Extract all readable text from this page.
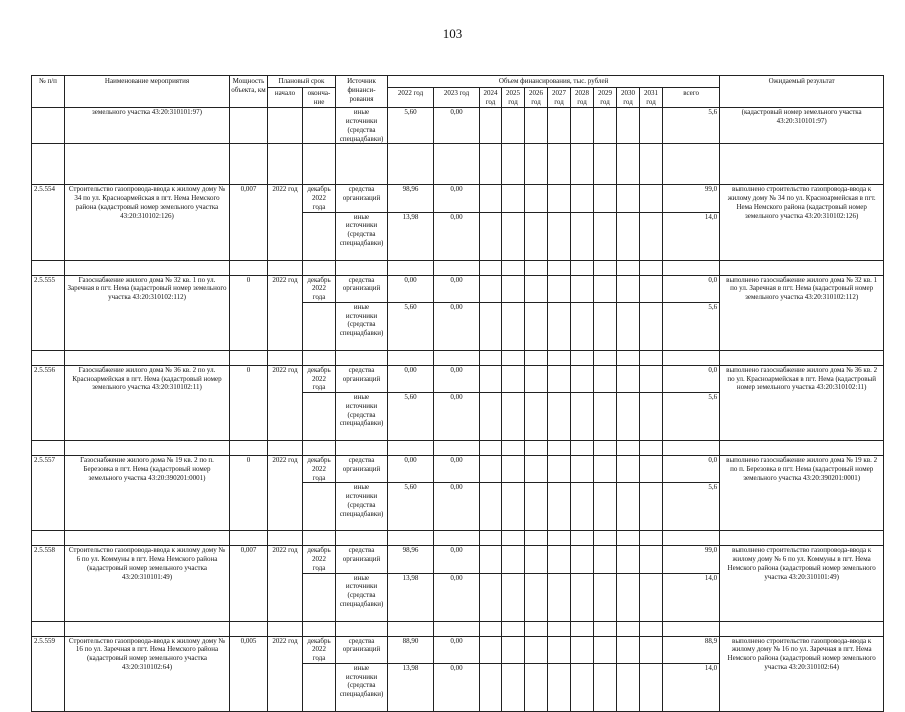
103
№ п/п	Наименование мероприятия	Мощность объекта, км	Плановый срок		Источник финанси-рования	Объем финансирования, тыс. рублей											Ожидаемый результат
			начало	оконча-ние		2022 год	2023 год	2024 год	2025 год	2026 год	2027 год	2028 год	2029 год	2030 год	2031 год	всего	
	земельного участка 43:20:310101:97)				иные источники (средства спецнадбавки)	5,60	0,00									5,6	(кадастровый номер земельного участка 43:20:310101:97)

2.5.554	Строительство газопровода-ввода к жилому дому № 34 по ул. Красноармейская в пгт. Нема Немского района (кадастровый номер земельного участка 43:20:310102:126)	0,007	2022 год	декабрь 2022 года	средства организаций	98,96	0,00									99,0	выполнено строительство газопровода-ввода к жилому дому № 34 по ул. Красноармейская в пгт. Нема Немского района (кадастровый номер земельного участка 43:20:310102:126)
					иные источники (средства спецнадбавки)	13,98	0,00									14,0	

2.5.555	Газоснабжение жилого дома № 32 кв. 1 по ул. Заречная в пгт. Нема (кадастровый номер земельного участка 43:20:310102:112)	0	2022 год	декабрь 2022 года	средства организаций	0,00	0,00									0,0	выполнено газоснабжение жилого дома № 32 кв. 1 по ул. Заречная в пгт. Нема (кадастровый номер земельного участка 43:20:310102:112)
					иные источники (средства спецнадбавки)	5,60	0,00									5,6	

2.5.556	Газоснабжение жилого дома № 36 кв. 2 по ул. Красноармейская в пгт. Нема (кадастровый номер земельного участка 43:20:310102:11)	0	2022 год	декабрь 2022 года	средства организаций	0,00	0,00									0,0	выполнено газоснабжение жилого дома № 36 кв. 2 по ул. Красноармейская в пгт. Нема (кадастровый номер земельного участка 43:20:310102:11)
					иные источники (средства спецнадбавки)	5,60	0,00									5,6	

2.5.557	Газоснабжение жилого дома № 19 кв. 2 по п. Березовка в пгт. Нема (кадастровый номер земельного участка 43:20:390201:0001)	0	2022 год	декабрь 2022 года	средства организаций	0,00	0,00									0,0	выполнено газоснабжение жилого дома № 19 кв. 2 по п. Березовка в пгт. Нема (кадастровый номер земельного участка 43:20:390201:0001)
					иные источники (средства спецнадбавки)	5,60	0,00									5,6	

2.5.558	Строительство газопровода-ввода к жилому дому № 6 по ул. Коммуны в пгт. Нема Немского района (кадастровый номер земельного участка 43:20:310101:49)	0,007	2022 год	декабрь 2022 года	средства организаций	98,96	0,00									99,0	выполнено строительство газопровода-ввода к жилому дому № 6 по ул. Коммуны в пгт. Нема Немского района (кадастровый номер земельного участка 43:20:310101:49)
					иные источники (средства спецнадбавки)	13,98	0,00									14,0	

2.5.559	Строительство газопровода-ввода к жилому дому № 16 по ул. Заречная в пгт. Нема Немского района (кадастровый номер земельного участка 43:20:310102:64)	0,005	2022 год	декабрь 2022 года	средства организаций	88,90	0,00									88,9	выполнено строительство газопровода-ввода к жилому дому № 16 по ул. Заречная в пгт. Нема Немского района (кадастровый номер земельного участка 43:20:310102:64)
					иные источники (средства спецнадбавки)	13,98	0,00									14,0	
